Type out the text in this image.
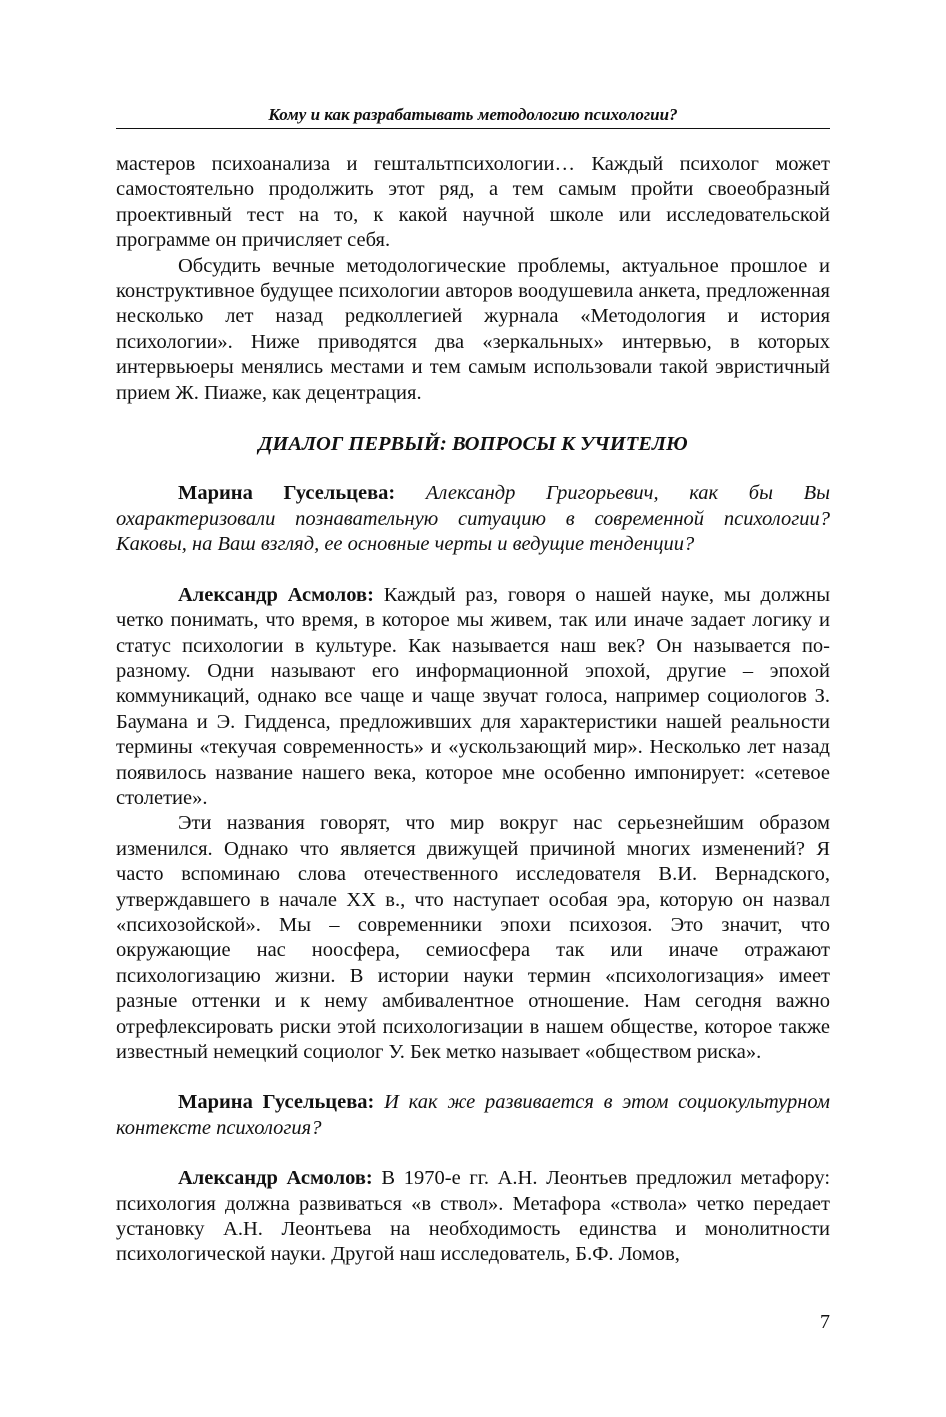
Кому и как разрабатывать методологию психологии?

мастеров психоанализа и гештальтпсихологии… Каждый психолог может самостоятельно продолжить этот ряд, а тем самым пройти своеобразный проективный тест на то, к какой научной школе или исследовательской программе он причисляет себя.

Обсудить вечные методологические проблемы, актуальное прошлое и конструктивное будущее психологии авторов воодушевила анкета, предложенная несколько лет назад редколлегией журнала «Методология и история психологии». Ниже приводятся два «зеркальных» интервью, в которых интервьюеры менялись местами и тем самым использовали такой эвристичный прием Ж. Пиаже, как децентрация.

ДИАЛОГ ПЕРВЫЙ: ВОПРОСЫ К УЧИТЕЛЮ

Марина Гусельцева: Александр Григорьевич, как бы Вы охарактеризовали познавательную ситуацию в современной психологии? Каковы, на Ваш взгляд, ее основные черты и ведущие тенденции?

Александр Асмолов: Каждый раз, говоря о нашей науке, мы должны четко понимать, что время, в которое мы живем, так или иначе задает логику и статус психологии в культуре. Как называется наш век? Он называется по-разному. Одни называют его информационной эпохой, другие – эпохой коммуникаций, однако все чаще и чаще звучат голоса, например социологов З. Баумана и Э. Гидденса, предложивших для характеристики нашей реальности термины «текучая современность» и «ускользающий мир». Несколько лет назад появилось название нашего века, которое мне особенно импонирует: «сетевое столетие».

Эти названия говорят, что мир вокруг нас серьезнейшим образом изменился. Однако что является движущей причиной многих изменений? Я часто вспоминаю слова отечественного исследователя В.И. Вернадского, утверждавшего в начале XX в., что наступает особая эра, которую он назвал «психозойской». Мы – современники эпохи психозоя. Это значит, что окружающие нас ноосфера, семиосфера так или иначе отражают психологизацию жизни. В истории науки термин «психологизация» имеет разные оттенки и к нему амбивалентное отношение. Нам сегодня важно отрефлексировать риски этой психологизации в нашем обществе, которое также известный немецкий социолог У. Бек метко называет «обществом риска».

Марина Гусельцева: И как же развивается в этом социокультурном контексте психология?

Александр Асмолов: В 1970-е гг. А.Н. Леонтьев предложил метафору: психология должна развиваться «в ствол». Метафора «ствола» четко передает установку А.Н. Леонтьева на необходимость единства и монолитности психологической науки. Другой наш исследователь, Б.Ф. Ломов,

7
